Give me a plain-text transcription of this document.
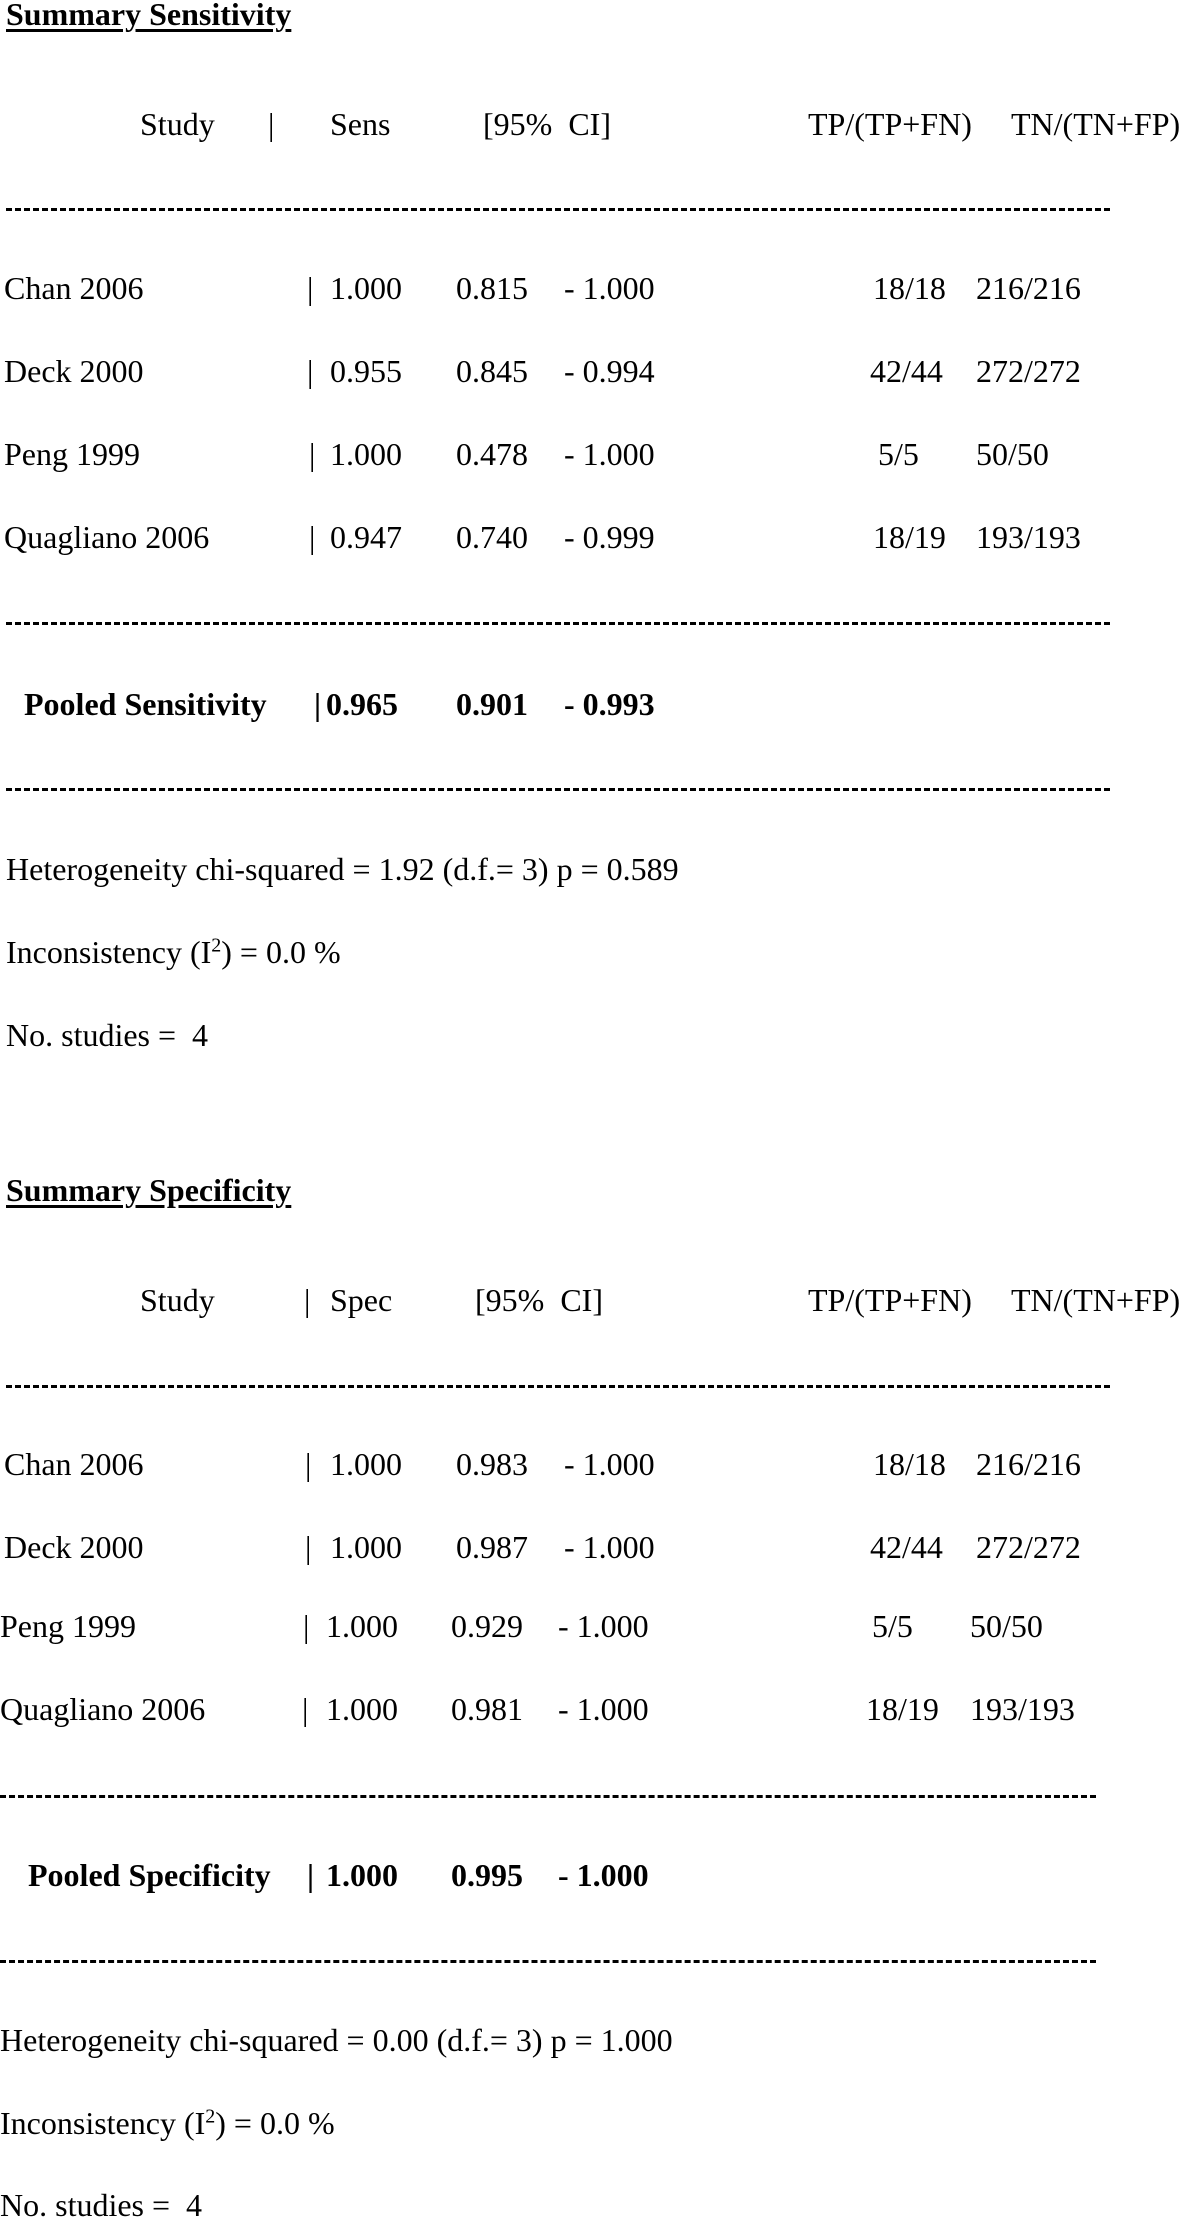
Summary Sensitivity
Study | Sens	[95%  CI]	TP/(TP+FN) TN/(TN+FP)
Chan 2006	| 1.000 0.815 - 1.000	18/18 216/216
Deck 2000	| 0.955 0.845 - 0.994	42/44 272/272
Peng 1999	| 1.000 0.478 - 1.000	5/5 50/50
Quagliano 2006	| 0.947 0.740 - 0.999	18/19 193/193
Pooled Sensitivity | 0.965 0.901 - 0.993
Heterogeneity chi-squared = 1.92 (d.f.= 3) p = 0.589
Inconsistency $(I^2) = 0.0$ %
No. studies =  4
Summary Specificity
Study	| Spec	[95%  CI]	TP/(TP+FN) TN/(TN+FP)
Chan 2006	| 1.000 0.983 - 1.000	18/18 216/216
Deck 2000	| 1.000 0.987 - 1.000	42/44 272/272
Peng 1999	| 1.000 0.929 - 1.000	5/5 50/50
Quagliano 2006	| 1.000 0.981 - 1.000	18/19 193/193
Pooled Specificity | 1.000 0.995 - 1.000
Heterogeneity chi-squared = 0.00 (d.f.= 3) p = 1.000
Inconsistency $(I^2) = 0.0$ %
No. studies =  4
